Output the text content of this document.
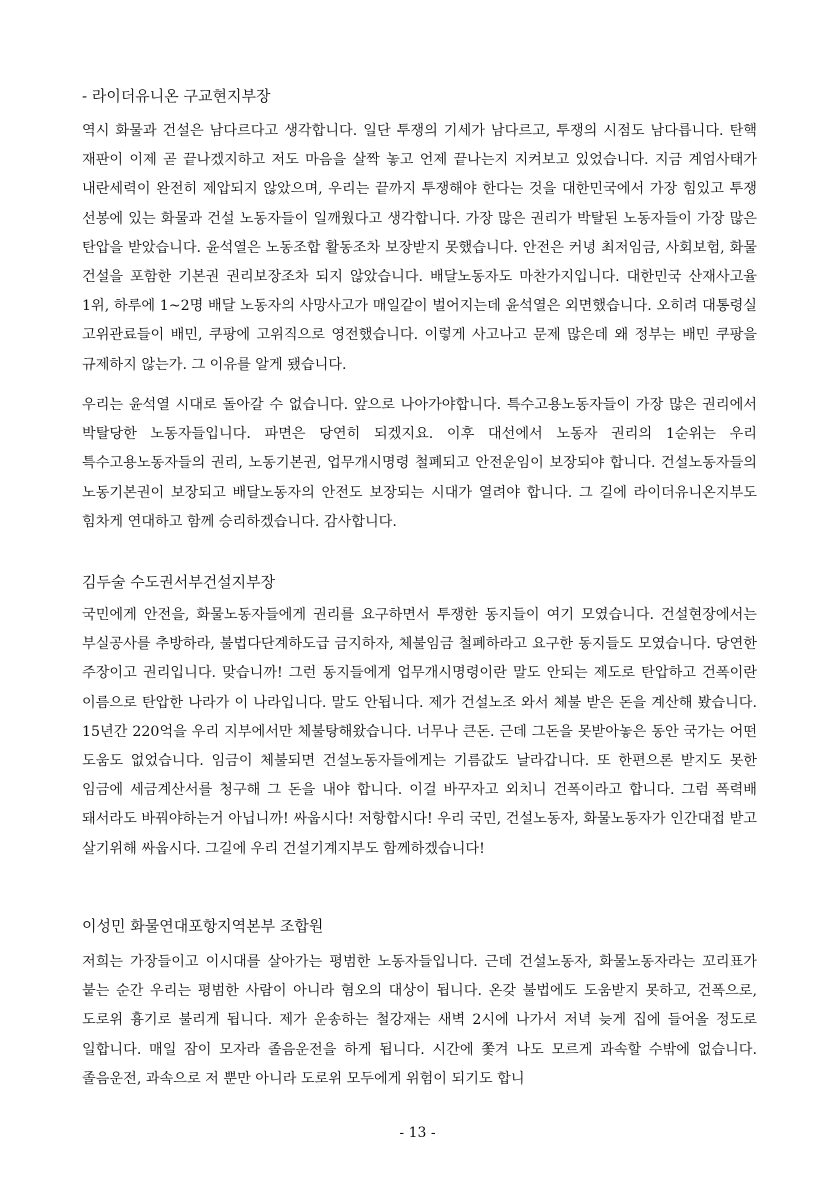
- 라이더유니온 구교현지부장

역시 화물과 건설은 남다르다고 생각합니다. 일단 투쟁의 기세가 남다르고, 투쟁의 시점도 남다릅니다. 탄핵 재판이 이제 곧 끝나겠지하고 저도 마음을 살짝 놓고 언제 끝나는지 지켜보고 있었습니다. 지금 계엄사태가 내란세력이 완전히 제압되지 않았으며, 우리는 끝까지 투쟁해야 한다는 것을 대한민국에서 가장 힘있고 투쟁 선봉에 있는 화물과 건설 노동자들이 일깨웠다고 생각합니다. 가장 많은 권리가 박탈된 노동자들이 가장 많은 탄압을 받았습니다. 윤석열은 노동조합 활동조차 보장받지 못했습니다. 안전은 커녕 최저임금, 사회보험, 화물 건설을 포함한 기본권 권리보장조차 되지 않았습니다. 배달노동자도 마찬가지입니다. 대한민국 산재사고율 1위, 하루에 1~2명 배달 노동자의 사망사고가 매일같이 벌어지는데 윤석열은 외면했습니다. 오히려 대통령실 고위관료들이 배민, 쿠팡에 고위직으로 영전했습니다. 이렇게 사고나고 문제 많은데 왜 정부는 배민 쿠팡을 규제하지 않는가. 그 이유를 알게 됐습니다.

우리는 윤석열 시대로 돌아갈 수 없습니다. 앞으로 나아가야합니다. 특수고용노동자들이 가장 많은 권리에서 박탈당한 노동자들입니다. 파면은 당연히 되겠지요. 이후 대선에서 노동자 권리의 1순위는 우리 특수고용노동자들의 권리, 노동기본권, 업무개시명령 철폐되고 안전운임이 보장되야 합니다. 건설노동자들의 노동기본권이 보장되고 배달노동자의 안전도 보장되는 시대가 열려야 합니다. 그 길에 라이더유니온지부도 힘차게 연대하고 함께 승리하겠습니다. 감사합니다.

김두술 수도권서부건설지부장

국민에게 안전을, 화물노동자들에게 권리를 요구하면서 투쟁한 동지들이 여기 모였습니다. 건설현장에서는 부실공사를 추방하라, 불법다단계하도급 금지하자, 체불임금 철폐하라고 요구한 동지들도 모였습니다. 당연한 주장이고 권리입니다. 맞습니까! 그런 동지들에게 업무개시명령이란 말도 안되는 제도로 탄압하고 건폭이란 이름으로 탄압한 나라가 이 나라입니다. 말도 안됩니다. 제가 건설노조 와서 체불 받은 돈을 계산해 봤습니다. 15년간 220억을 우리 지부에서만 체불탕해왔습니다. 너무나 큰돈. 근데 그돈을 못받아놓은 동안 국가는 어떤 도움도 없었습니다. 임금이 체불되면 건설노동자들에게는 기름값도 날라갑니다. 또 한편으론 받지도 못한 임금에 세금계산서를 청구해 그 돈을 내야 합니다. 이걸 바꾸자고 외치니 건폭이라고 합니다. 그럼 폭력배 돼서라도 바꿔야하는거 아닙니까! 싸웁시다! 저항합시다! 우리 국민, 건설노동자, 화물노동자가 인간대접 받고 살기위해 싸웁시다. 그길에 우리 건설기계지부도 함께하겠습니다!

이성민 화물연대포항지역본부 조합원

저희는 가장들이고 이시대를 살아가는 평범한 노동자들입니다. 근데 건설노동자, 화물노동자라는 꼬리표가 붙는 순간 우리는 평범한 사람이 아니라 혐오의 대상이 됩니다. 온갖 불법에도 도움받지 못하고, 건폭으로, 도로위 흉기로 불리게 됩니다. 제가 운송하는 철강재는 새벽 2시에 나가서 저녁 늦게 집에 들어올 정도로 일합니다. 매일 잠이 모자라 졸음운전을 하게 됩니다. 시간에 쫓겨 나도 모르게 과속할 수밖에 없습니다. 졸음운전, 과속으로 저 뿐만 아니라 도로위 모두에게 위험이 되기도 합니

- 13 -
